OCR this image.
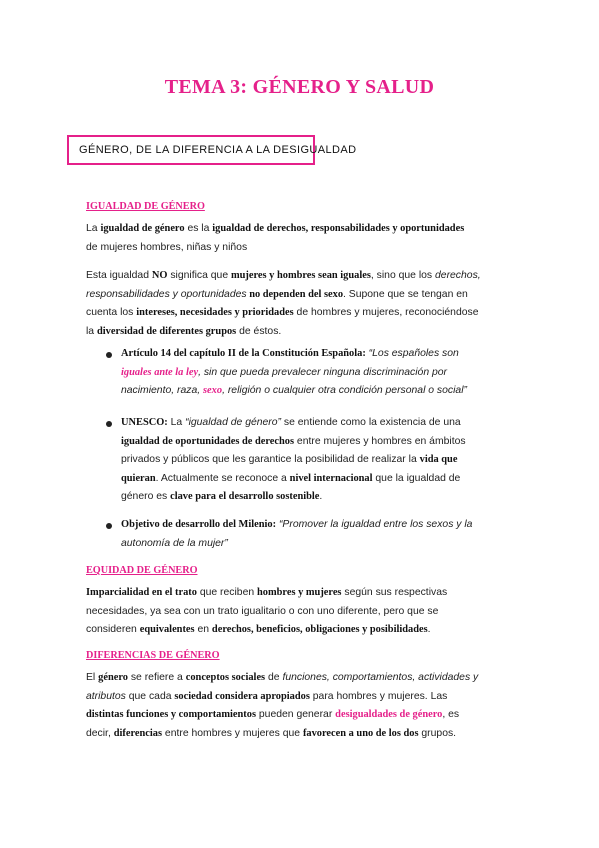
TEMA 3: GÉNERO Y SALUD
GÉNERO, DE LA DIFERENCIA A LA DESIGUALDAD
IGUALDAD DE GÉNERO
La igualdad de género es la igualdad de derechos, responsabilidades y oportunidades
de mujeres hombres, niñas y niños
Esta igualdad NO significa que mujeres y hombres sean iguales, sino que los derechos,
responsabilidades y oportunidades no dependen del sexo. Supone que se tengan en
cuenta los intereses, necesidades y prioridades de hombres y mujeres, reconociéndose
la diversidad de diferentes grupos de éstos.
Artículo 14 del capítulo II de la Constitución Española: “Los españoles son
iguales ante la ley, sin que pueda prevalecer ninguna discriminación por
nacimiento, raza, sexo, religión o cualquier otra condición personal o social”
UNESCO: La “igualdad de género” se entiende como la existencia de una
igualdad de oportunidades de derechos entre mujeres y hombres en ámbitos
privados y públicos que les garantice la posibilidad de realizar la vida que
quieran. Actualmente se reconoce a nivel internacional que la igualdad de
género es clave para el desarrollo sostenible.
Objetivo de desarrollo del Milenio: “Promover la igualdad entre los sexos y la
autonomía de la mujer”
EQUIDAD DE GÉNERO
Imparcialidad en el trato que reciben hombres y mujeres según sus respectivas
necesidades, ya sea con un trato igualitario o con uno diferente, pero que se
consideren equivalentes en derechos, beneficios, obligaciones y posibilidades.
DIFERENCIAS DE GÉNERO
El género se refiere a conceptos sociales de funciones, comportamientos, actividades y
atributos que cada sociedad considera apropiados para hombres y mujeres. Las
distintas funciones y comportamientos pueden generar desigualdades de género, es
decir, diferencias entre hombres y mujeres que favorecen a uno de los dos grupos.
